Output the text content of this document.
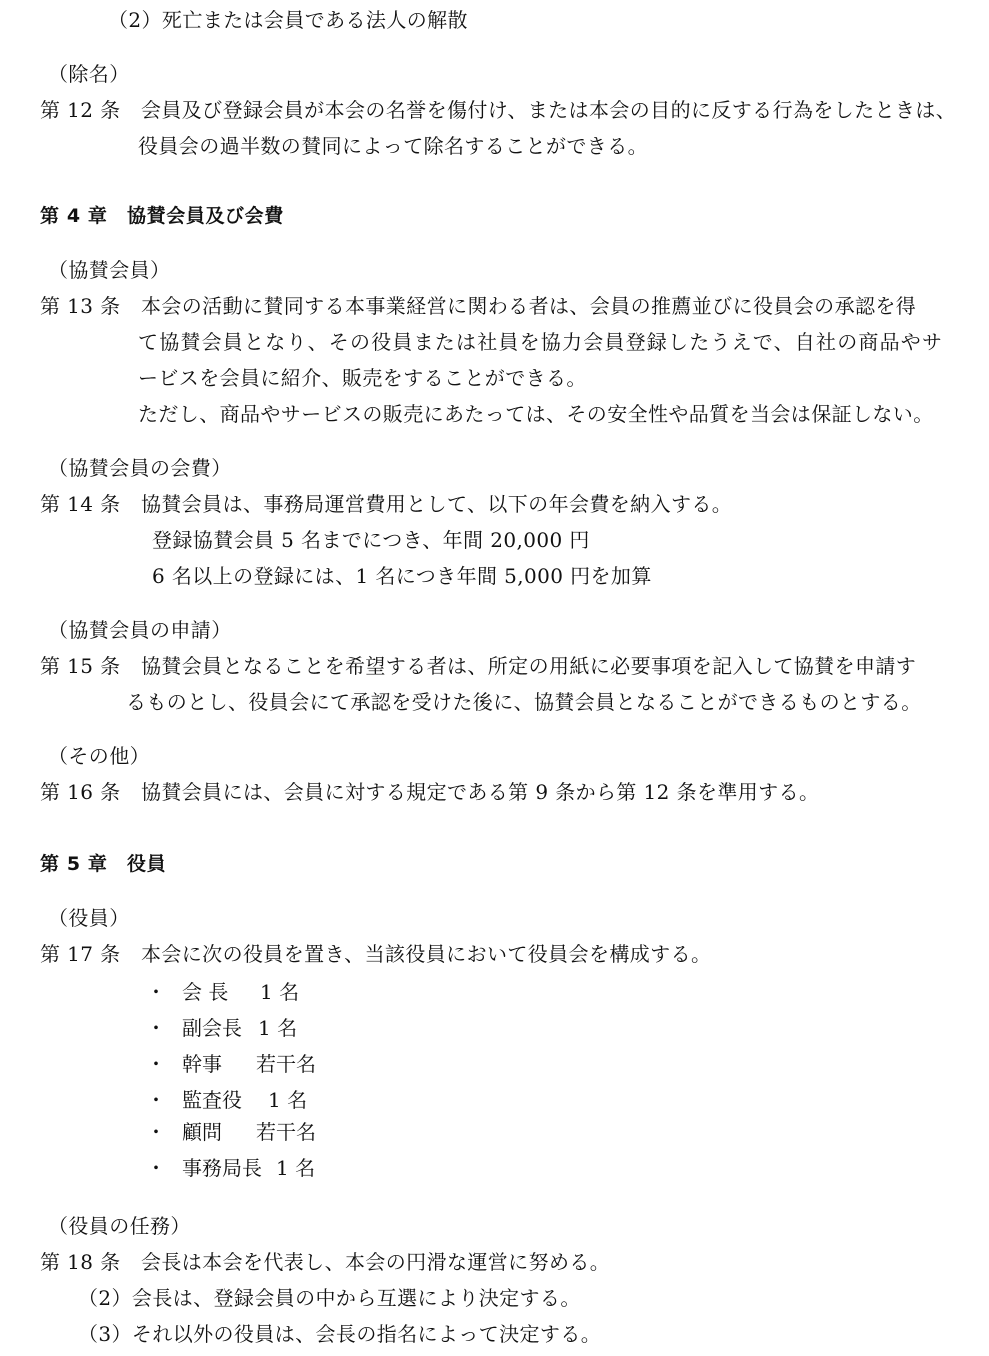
（2）死亡または会員である法人の解散
（除名）
第 12 条　会員及び登録会員が本会の名誉を傷付け、または本会の目的に反する行為をしたときは、
役員会の過半数の賛同によって除名することができる。
第 4 章　協賛会員及び会費
（協賛会員）
第 13 条　本会の活動に賛同する本事業経営に関わる者は、会員の推薦並びに役員会の承認を得
て協賛会員となり、その役員または社員を協力会員登録したうえで、自社の商品やサ
ービスを会員に紹介、販売をすることができる。
ただし、商品やサービスの販売にあたっては、その安全性や品質を当会は保証しない。
（協賛会員の会費）
第 14 条　協賛会員は、事務局運営費用として、以下の年会費を納入する。
登録協賛会員 5 名までにつき、年間 20,000 円
6 名以上の登録には、1 名につき年間 5,000 円を加算
（協賛会員の申請）
第 15 条　協賛会員となることを希望する者は、所定の用紙に必要事項を記入して協賛を申請す
るものとし、役員会にて承認を受けた後に、協賛会員となることができるものとする。
（その他）
第 16 条　協賛会員には、会員に対する規定である第 9 条から第 12 条を準用する。
第 5 章　役員
（役員）
第 17 条　本会に次の役員を置き、当該役員において役員会を構成する。
・ 会 長 1 名
・ 副会長 1 名
・ 幹事 若干名
・ 監査役 1 名
・ 顧問 若干名
・ 事務局長 1 名
（役員の任務）
第 18 条　会長は本会を代表し、本会の円滑な運営に努める。
（2）会長は、登録会員の中から互選により決定する。
（3）それ以外の役員は、会長の指名によって決定する。
